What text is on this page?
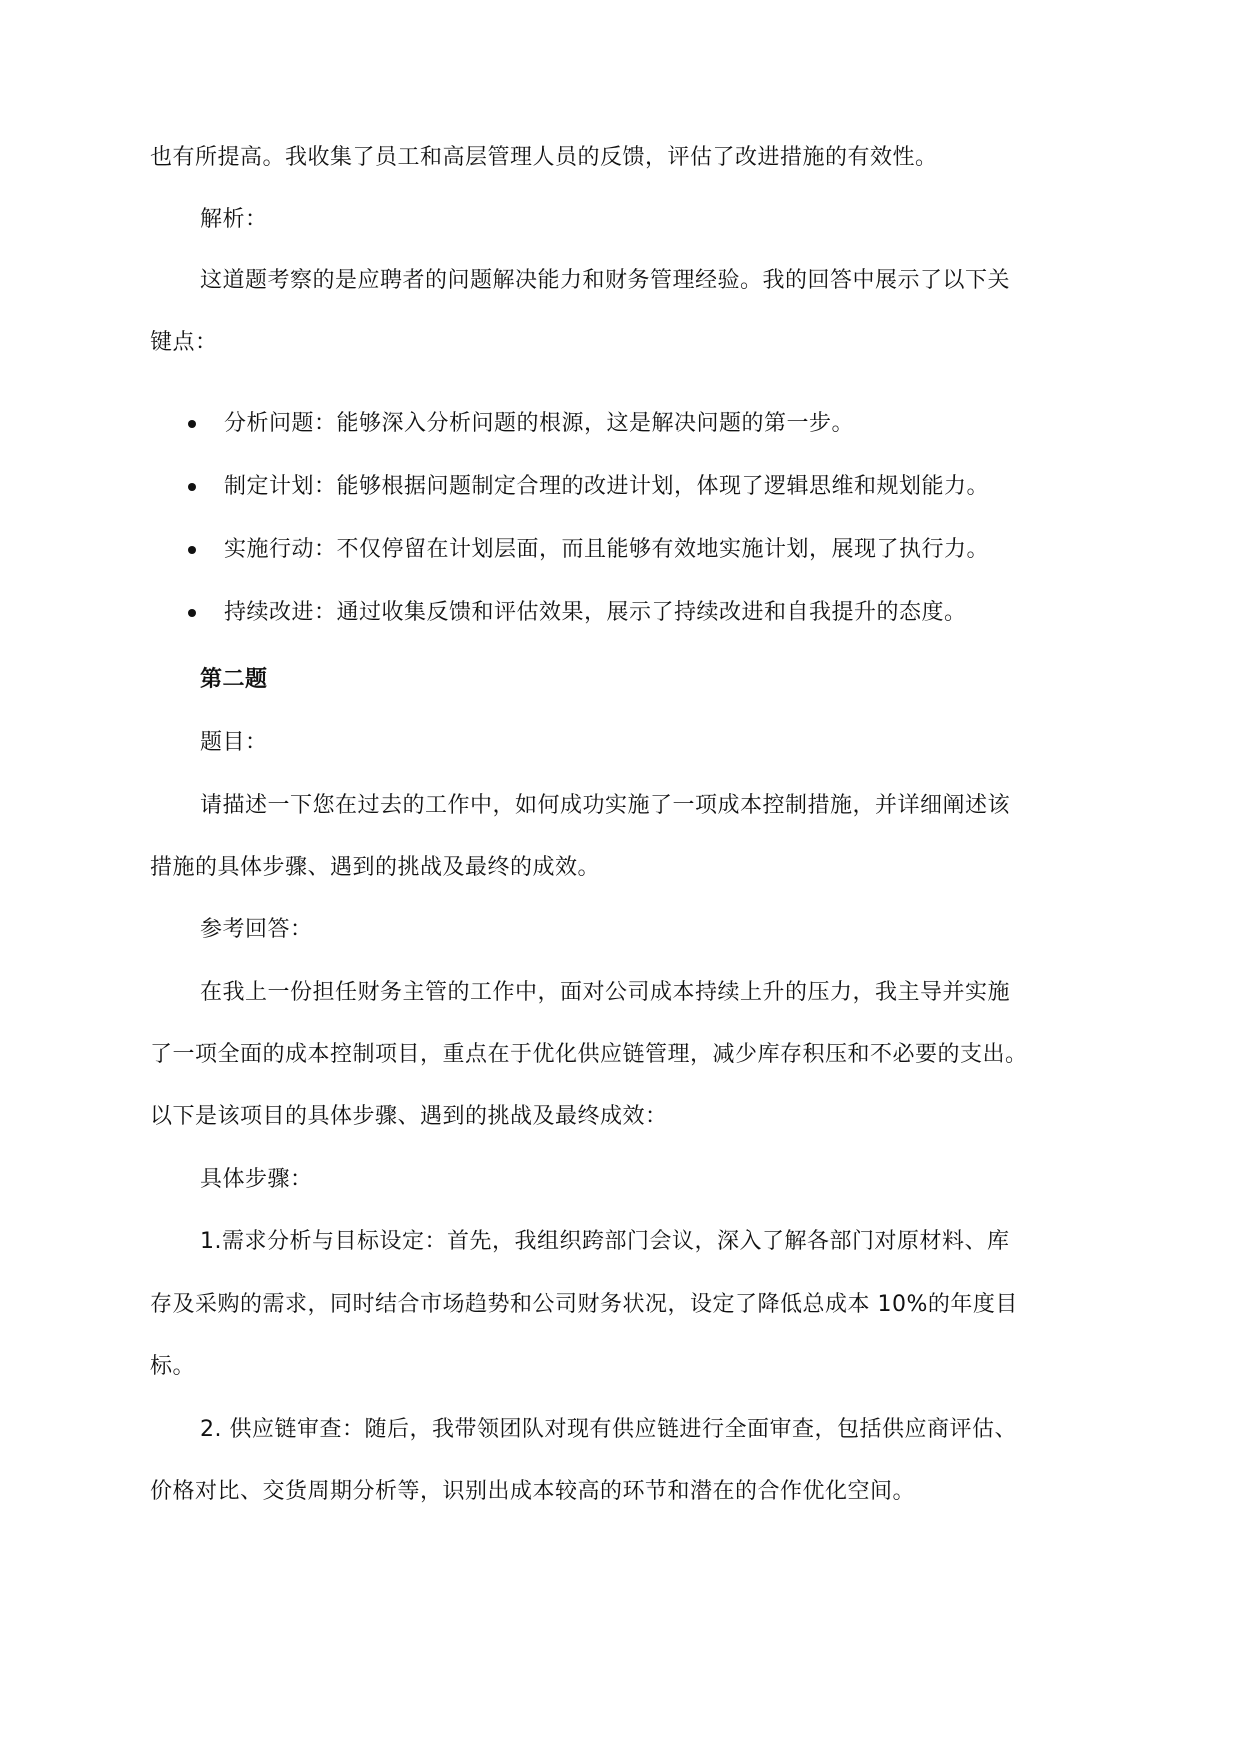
也有所提高。我收集了员工和高层管理人员的反馈，评估了改进措施的有效性。
解析：
这道题考察的是应聘者的问题解决能力和财务管理经验。我的回答中展示了以下关
键点：
分析问题：能够深入分析问题的根源，这是解决问题的第一步。
制定计划：能够根据问题制定合理的改进计划，体现了逻辑思维和规划能力。
实施行动：不仅停留在计划层面，而且能够有效地实施计划，展现了执行力。
持续改进：通过收集反馈和评估效果，展示了持续改进和自我提升的态度。
第二题
题目：
请描述一下您在过去的工作中，如何成功实施了一项成本控制措施，并详细阐述该
措施的具体步骤、遇到的挑战及最终的成效。
参考回答：
在我上一份担任财务主管的工作中，面对公司成本持续上升的压力，我主导并实施
了一项全面的成本控制项目，重点在于优化供应链管理，减少库存积压和不必要的支出。
以下是该项目的具体步骤、遇到的挑战及最终成效：
具体步骤：
1.需求分析与目标设定：首先，我组织跨部门会议，深入了解各部门对原材料、库
存及采购的需求，同时结合市场趋势和公司财务状况，设定了降低总成本 10%的年度目
标。
2. 供应链审查：随后，我带领团队对现有供应链进行全面审查，包括供应商评估、
价格对比、交货周期分析等，识别出成本较高的环节和潜在的合作优化空间。
